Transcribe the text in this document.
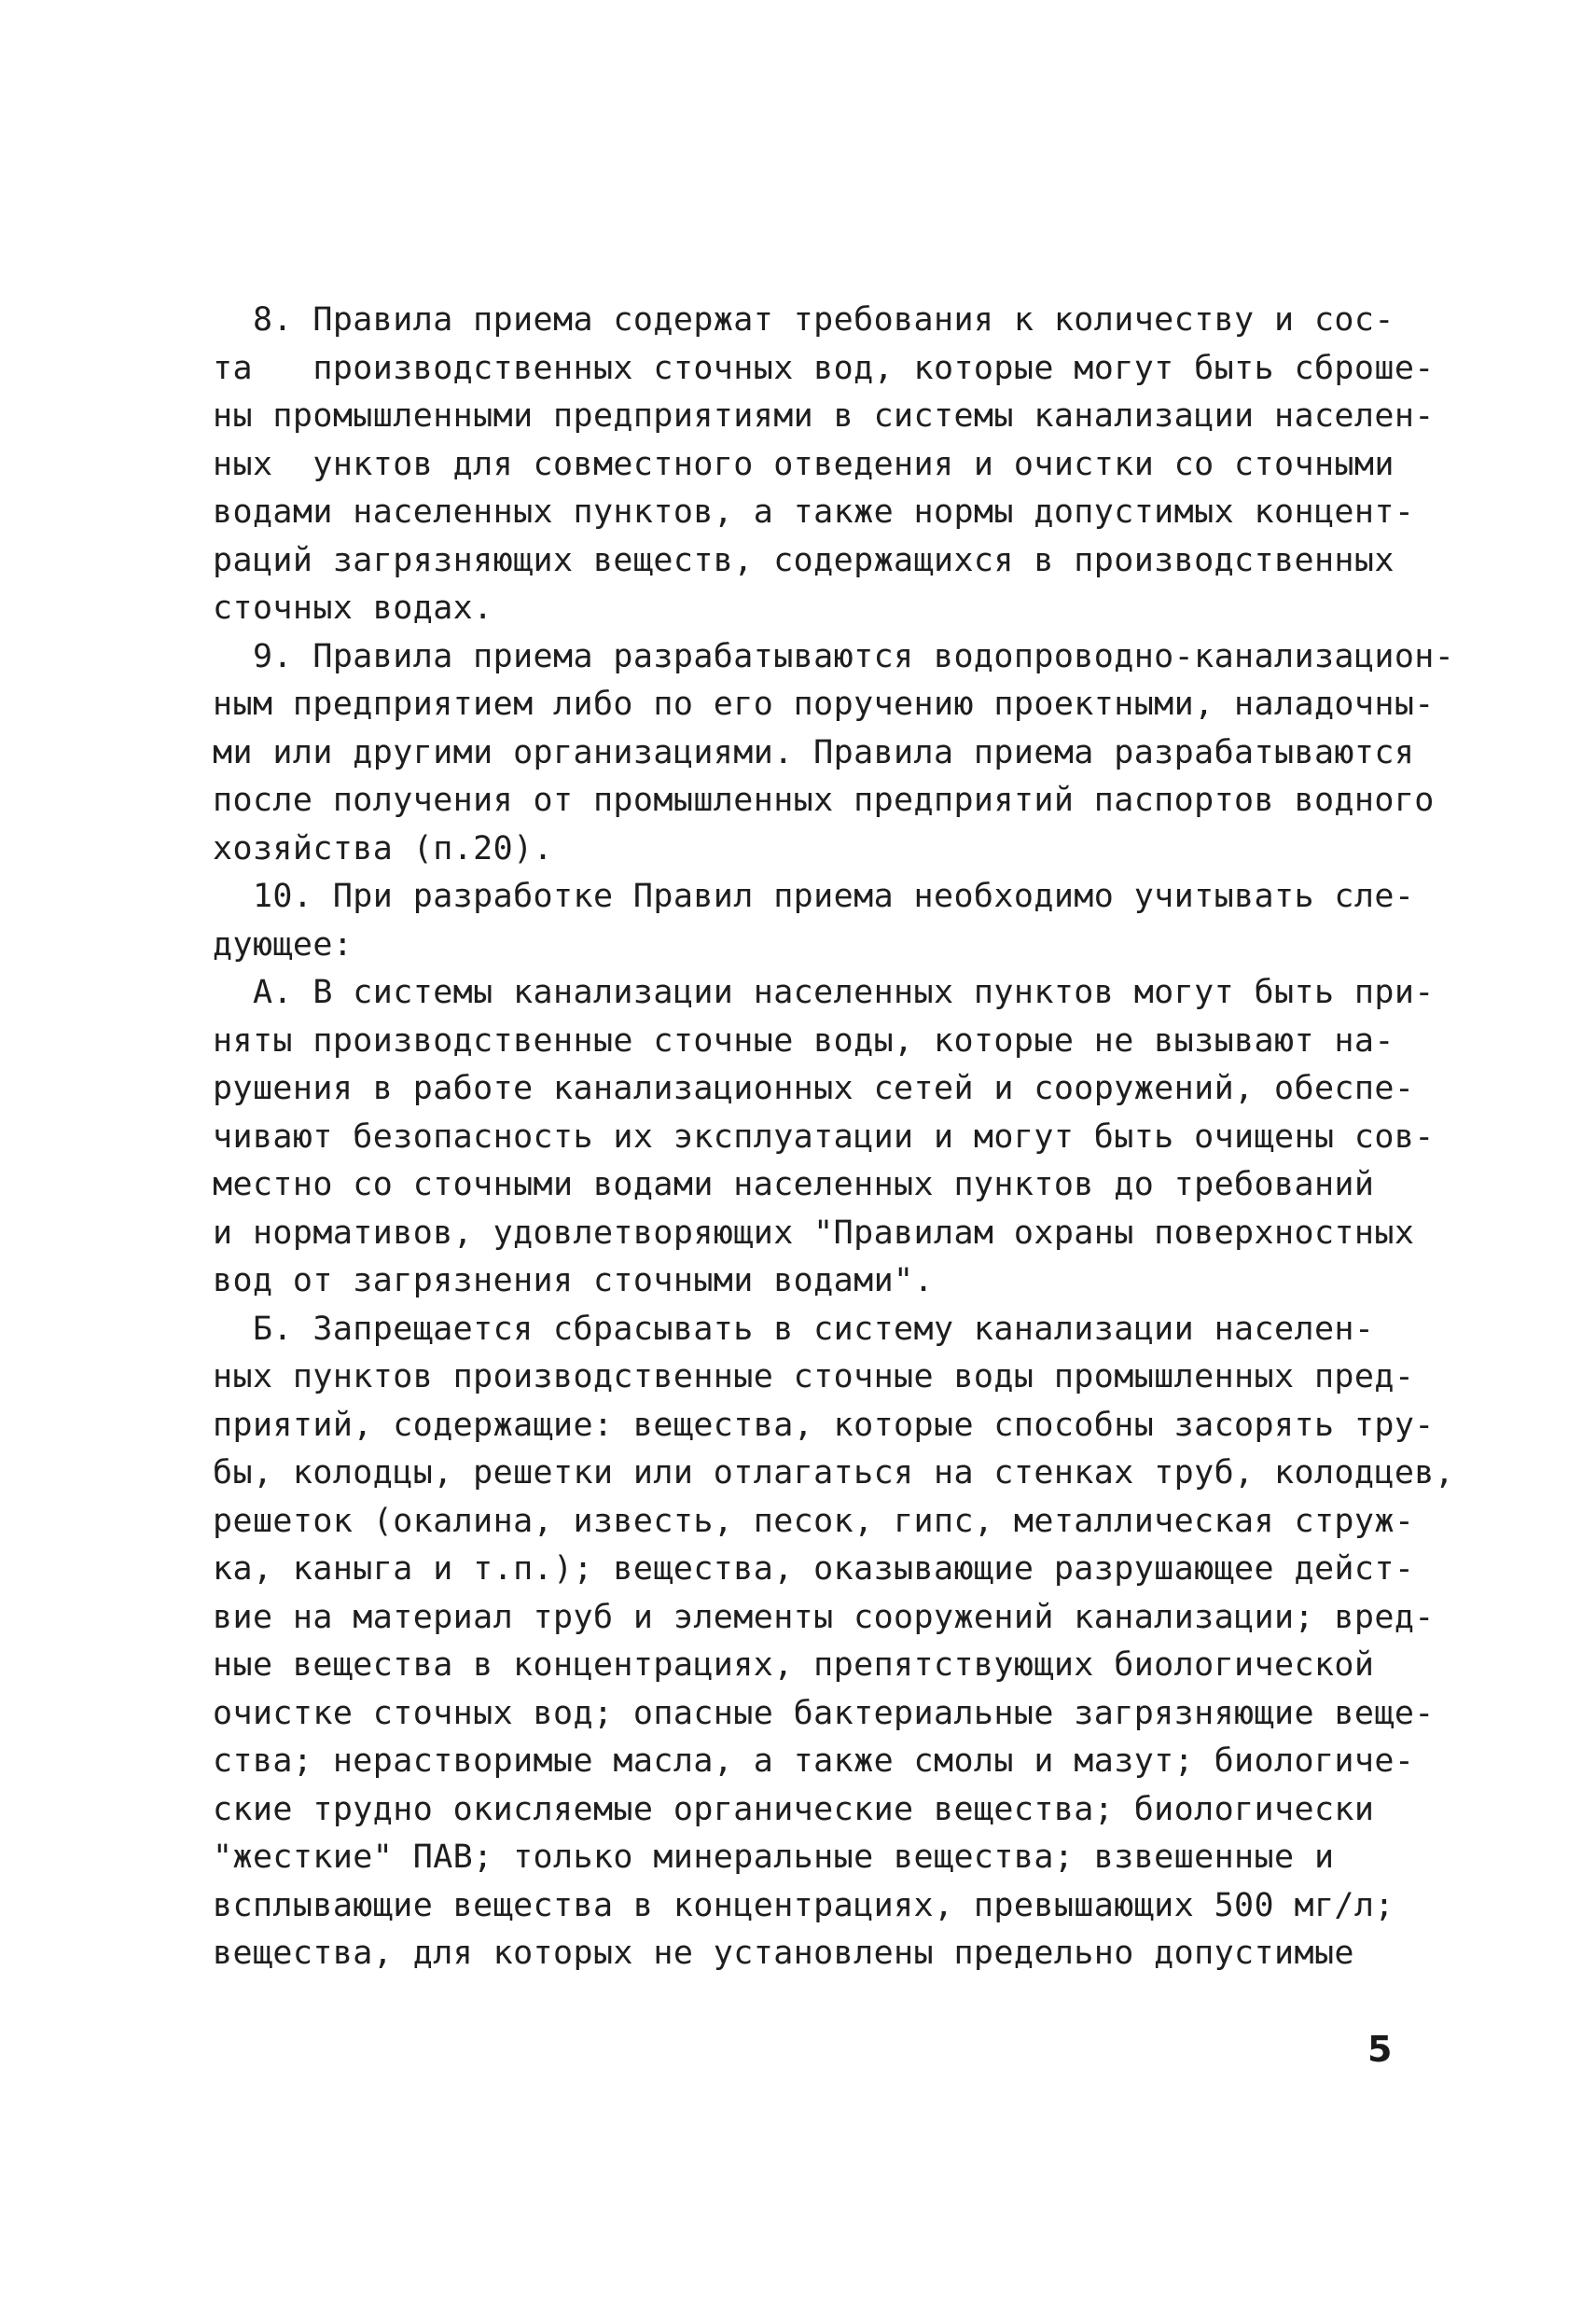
8. Правила приема содержат требования к количеству и сос-
та   производственных сточных вод, которые могут быть сброше-
ны промышленными предприятиями в системы канализации населен-
ных  унктов для совместного отведения и очистки со сточными
водами населенных пунктов, а также нормы допустимых концент-
раций загрязняющих веществ, содержащихся в производственных
сточных водах.
9. Правила приема разрабатываются водопроводно-канализацион-
ным предприятием либо по его поручению проектными, наладочны-
ми или другими организациями. Правила приема разрабатываются
после получения от промышленных предприятий паспортов водного
хозяйства (п.20).
10. При разработке Правил приема необходимо учитывать сле-
дующее:
А. В системы канализации населенных пунктов могут быть при-
няты производственные сточные воды, которые не вызывают на-
рушения в работе канализационных сетей и сооружений, обеспе-
чивают безопасность их эксплуатации и могут быть очищены сов-
местно со сточными водами населенных пунктов до требований
и нормативов, удовлетворяющих "Правилам охраны поверхностных
вод от загрязнения сточными водами".
Б. Запрещается сбрасывать в систему канализации населен-
ных пунктов производственные сточные воды промышленных пред-
приятий, содержащие: вещества, которые способны засорять тру-
бы, колодцы, решетки или отлагаться на стенках труб, колодцев,
решеток (окалина, известь, песок, гипс, металлическая струж-
ка, каныга и т.п.); вещества, оказывающие разрушающее дейст-
вие на материал труб и элементы сооружений канализации; вред-
ные вещества в концентрациях, препятствующих биологической
очистке сточных вод; опасные бактериальные загрязняющие веще-
ства; нерастворимые масла, а также смолы и мазут; биологиче-
ские трудно окисляемые органические вещества; биологически
"жесткие" ПАВ; только минеральные вещества; взвешенные и
всплывающие вещества в концентрациях, превышающих 500 мг/л;
вещества, для которых не установлены предельно допустимые
5
